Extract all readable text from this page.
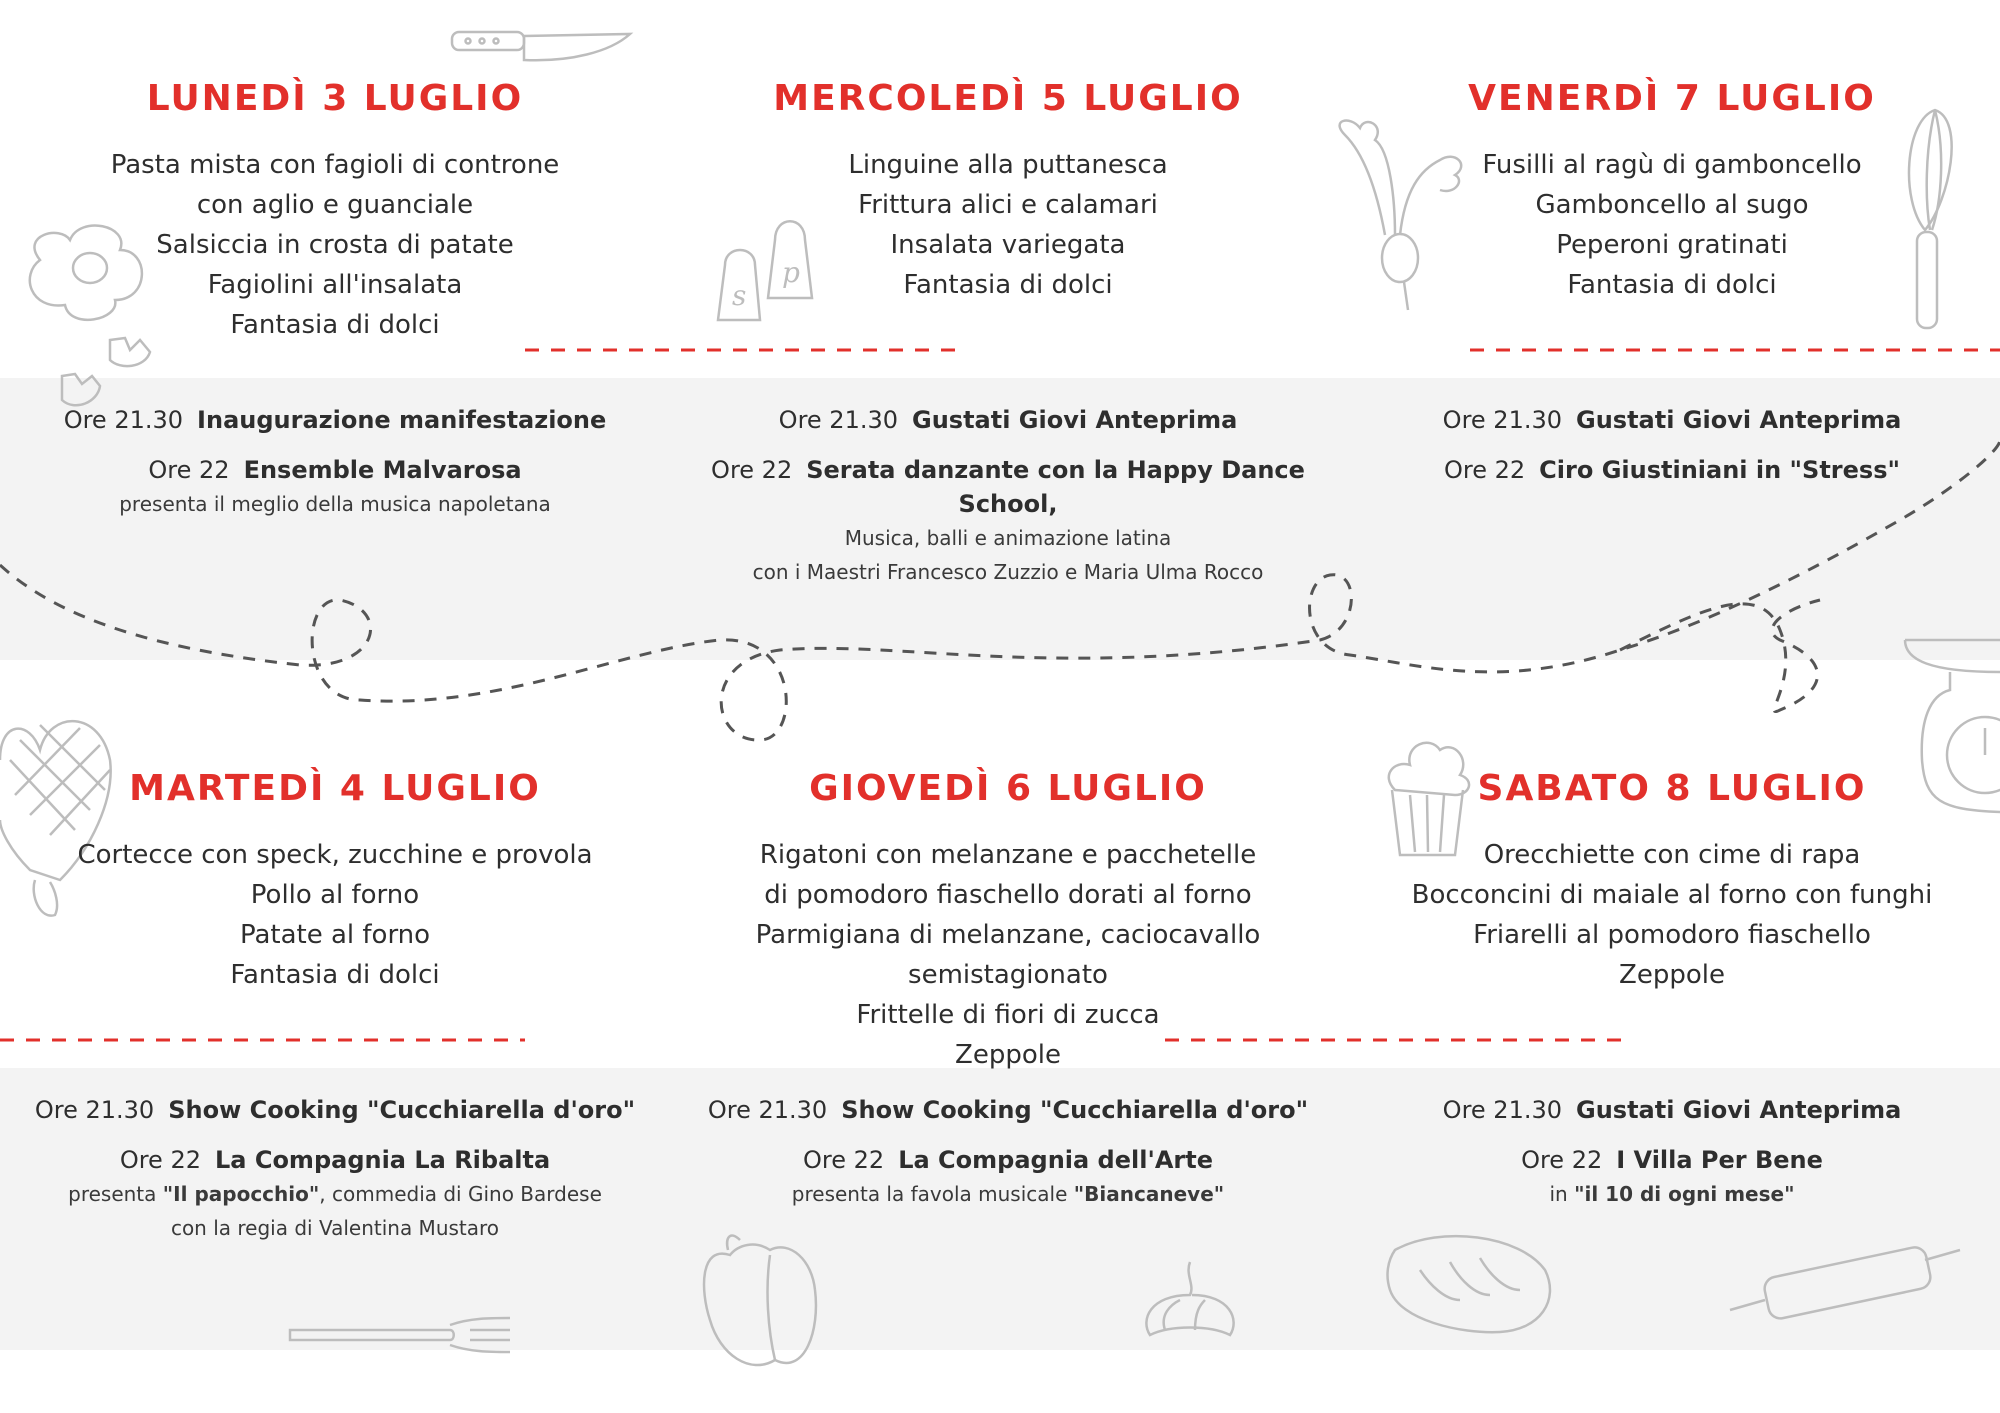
s
p
LUNEDÌ 3 LUGLIO
Pasta mista con fagioli di controne
con aglio e guanciale
Salsiccia in crosta di patate
Fagiolini all'insalata
Fantasia di dolci
MERCOLEDÌ 5 LUGLIO
Linguine alla puttanesca
Frittura alici e calamari
Insalata variegata
Fantasia di dolci
VENERDÌ 7 LUGLIO
Fusilli al ragù di gamboncello
Gamboncello al sugo
Peperoni gratinati
Fantasia di dolci
Ore 21.30 Inaugurazione manifestazione
Ore 22 Ensemble Malvarosa
presenta il meglio della musica napoletana
Ore 21.30 Gustati Giovi Anteprima
Ore 22 Serata danzante con la Happy Dance School,
Musica, balli e animazione latina
con i Maestri Francesco Zuzzio e Maria Ulma Rocco
Ore 21.30 Gustati Giovi Anteprima
Ore 22 Ciro Giustiniani in "Stress"
MARTEDÌ 4 LUGLIO
Cortecce con speck, zucchine e provola
Pollo al forno
Patate al forno
Fantasia di dolci
GIOVEDÌ 6 LUGLIO
Rigatoni con melanzane e pacchetelle
di pomodoro fiaschello dorati al forno
Parmigiana di melanzane, caciocavallo semistagionato
Frittelle di fiori di zucca
Zeppole
SABATO 8 LUGLIO
Orecchiette con cime di rapa
Bocconcini di maiale al forno con funghi
Friarelli al pomodoro fiaschello
Zeppole
Ore 21.30 Show Cooking "Cucchiarella d'oro"
Ore 22 La Compagnia La Ribalta
presenta "Il papocchio", commedia di Gino Bardese
con la regia di Valentina Mustaro
Ore 21.30 Show Cooking "Cucchiarella d'oro"
Ore 22 La Compagnia dell'Arte
presenta la favola musicale "Biancaneve"
Ore 21.30 Gustati Giovi Anteprima
Ore 22 I Villa Per Bene
in "il 10 di ogni mese"
